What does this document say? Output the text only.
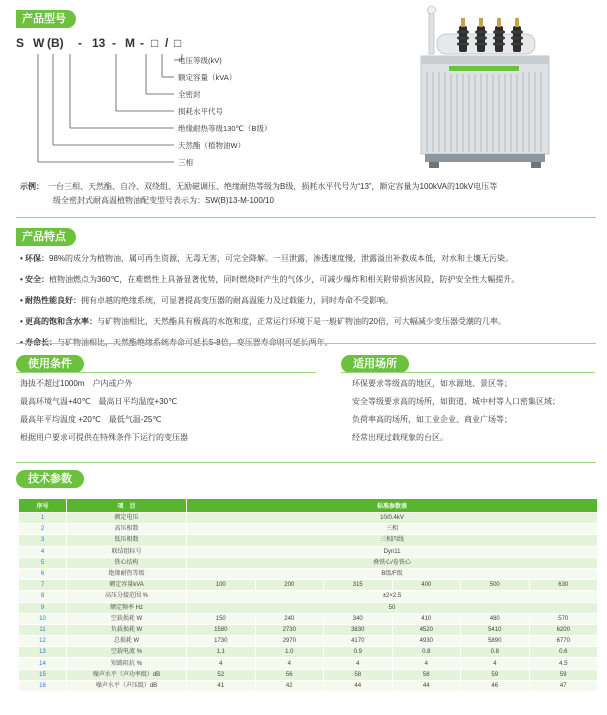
产品型号
S W (B) - 13 - M - □ / □
电压等级(kV)
额定容量（kVA）
全密封
损耗水平代号
绝缘耐热等级130℃（B级）
天然酯（植物油W）
三相
示例：　 一台三相、天然酯、自冷、双绕组、无励磁调压、绝缘耐热等级为B级，损耗水平代号为“13”，额定容量为100kVA的10kV电压等
级全密封式耐高温植物油配变型号表示为：SW(B)13-M-100/10
产品特点
• 环保：98%的成分为植物油，属可再生资源，无毒无害，可完全降解。一旦泄露，渗透速度慢，泄露溢出补救成本低，对水和土壤无污染。
• 安全：植物油燃点为360℃，在难燃性上具备显著优势，同时燃烧时产生的气体少，可减少爆炸和相关附带损害风险，防护安全性大幅提升。
• 耐热性能良好：拥有卓越的绝缘系统，可显著提高变压器的耐高温能力及过载能力，同时寿命不受影响。
• 更高的饱和含水率：与矿物油相比，天然酯具有极高的水饱和度，正常运行环境下是一般矿物油的20倍，可大幅减少变压器受潮的几率。
使用条件	适用场所
海拔不超过1000m　户内或户外
最高环境气温+40℃　最高日平均温度+30℃
最高年平均温度 +20℃　最低气温-25℃
根据用户要求可提供在特殊条件下运行的变压器
环保要求等级高的地区，如水源地、景区等；
安全等级要求高的场所，如街道、城中村等人口密集区域；
负荷率高的场所，如工业企业、商业广场等；
经常出现过载现象的台区。
技术参数
序号	项　目	标准参数表					
1	额定电压	10/0.4kV					
2	高压相数	三相					
3	低压相数	三相四线					
4	联结组标号	Dyn11					
5	铁心结构	叠铁心/卷铁心					
6	绝缘耐热等级	B级/F级					
7	额定容量kVA	100	200	315	400	500	630
8	高压分接范围 %	±2×2.5					
9	额定频率 Hz	50					
10	空载损耗 W	150	240	340	410	480	570
11	负载损耗 W	1580	2730	3830	4520	5410	6200
12	总损耗 W	1730	2970	4170	4930	5890	6770
13	空载电流 %	1.1	1.0	0.9	0.8	0.8	0.6
14	短路阻抗 %	4	4	4	4	4	4.5
15	噪声水平（声功率级）dB	52	56	58	58	59	59
16	噪声水平（声压级）dB	41	42	44	44	46	47
